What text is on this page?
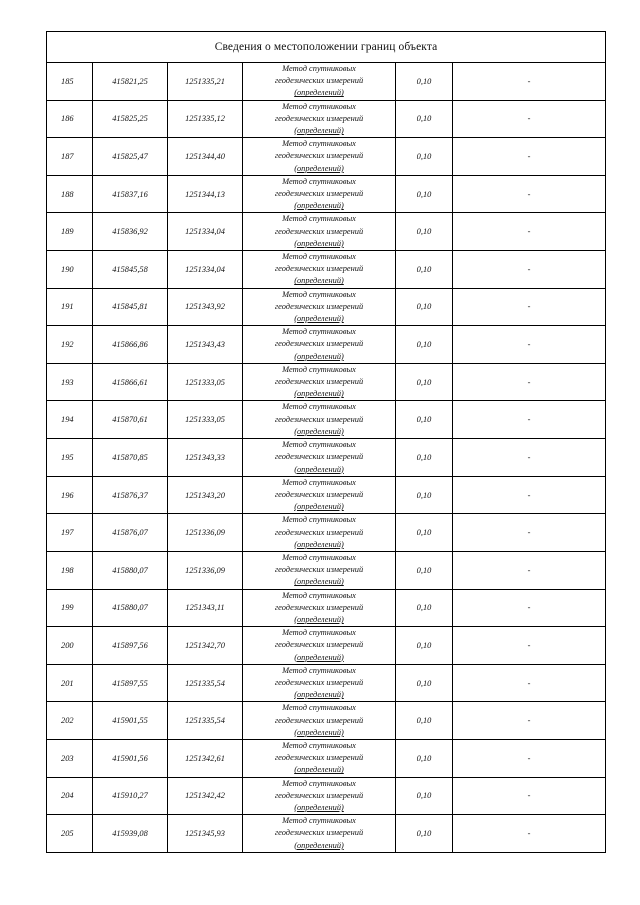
Сведения о местоположении границ объекта					
185	415821,25	1251335,21	Метод спутниковых
геодезических измерений
(определений)	0,10	-
186	415825,25	1251335,12	Метод спутниковых
геодезических измерений
(определений)	0,10	-
187	415825,47	1251344,40	Метод спутниковых
геодезических измерений
(определений)	0,10	-
188	415837,16	1251344,13	Метод спутниковых
геодезических измерений
(определений)	0,10	-
189	415836,92	1251334,04	Метод спутниковых
геодезических измерений
(определений)	0,10	-
190	415845,58	1251334,04	Метод спутниковых
геодезических измерений
(определений)	0,10	-
191	415845,81	1251343,92	Метод спутниковых
геодезических измерений
(определений)	0,10	-
192	415866,86	1251343,43	Метод спутниковых
геодезических измерений
(определений)	0,10	-
193	415866,61	1251333,05	Метод спутниковых
геодезических измерений
(определений)	0,10	-
194	415870,61	1251333,05	Метод спутниковых
геодезических измерений
(определений)	0,10	-
195	415870,85	1251343,33	Метод спутниковых
геодезических измерений
(определений)	0,10	-
196	415876,37	1251343,20	Метод спутниковых
геодезических измерений
(определений)	0,10	-
197	415876,07	1251336,09	Метод спутниковых
геодезических измерений
(определений)	0,10	-
198	415880,07	1251336,09	Метод спутниковых
геодезических измерений
(определений)	0,10	-
199	415880,07	1251343,11	Метод спутниковых
геодезических измерений
(определений)	0,10	-
200	415897,56	1251342,70	Метод спутниковых
геодезических измерений
(определений)	0,10	-
201	415897,55	1251335,54	Метод спутниковых
геодезических измерений
(определений)	0,10	-
202	415901,55	1251335,54	Метод спутниковых
геодезических измерений
(определений)	0,10	-
203	415901,56	1251342,61	Метод спутниковых
геодезических измерений
(определений)	0,10	-
204	415910,27	1251342,42	Метод спутниковых
геодезических измерений
(определений)	0,10	-
205	415939,08	1251345,93	Метод спутниковых
геодезических измерений
(определений)	0,10	-
